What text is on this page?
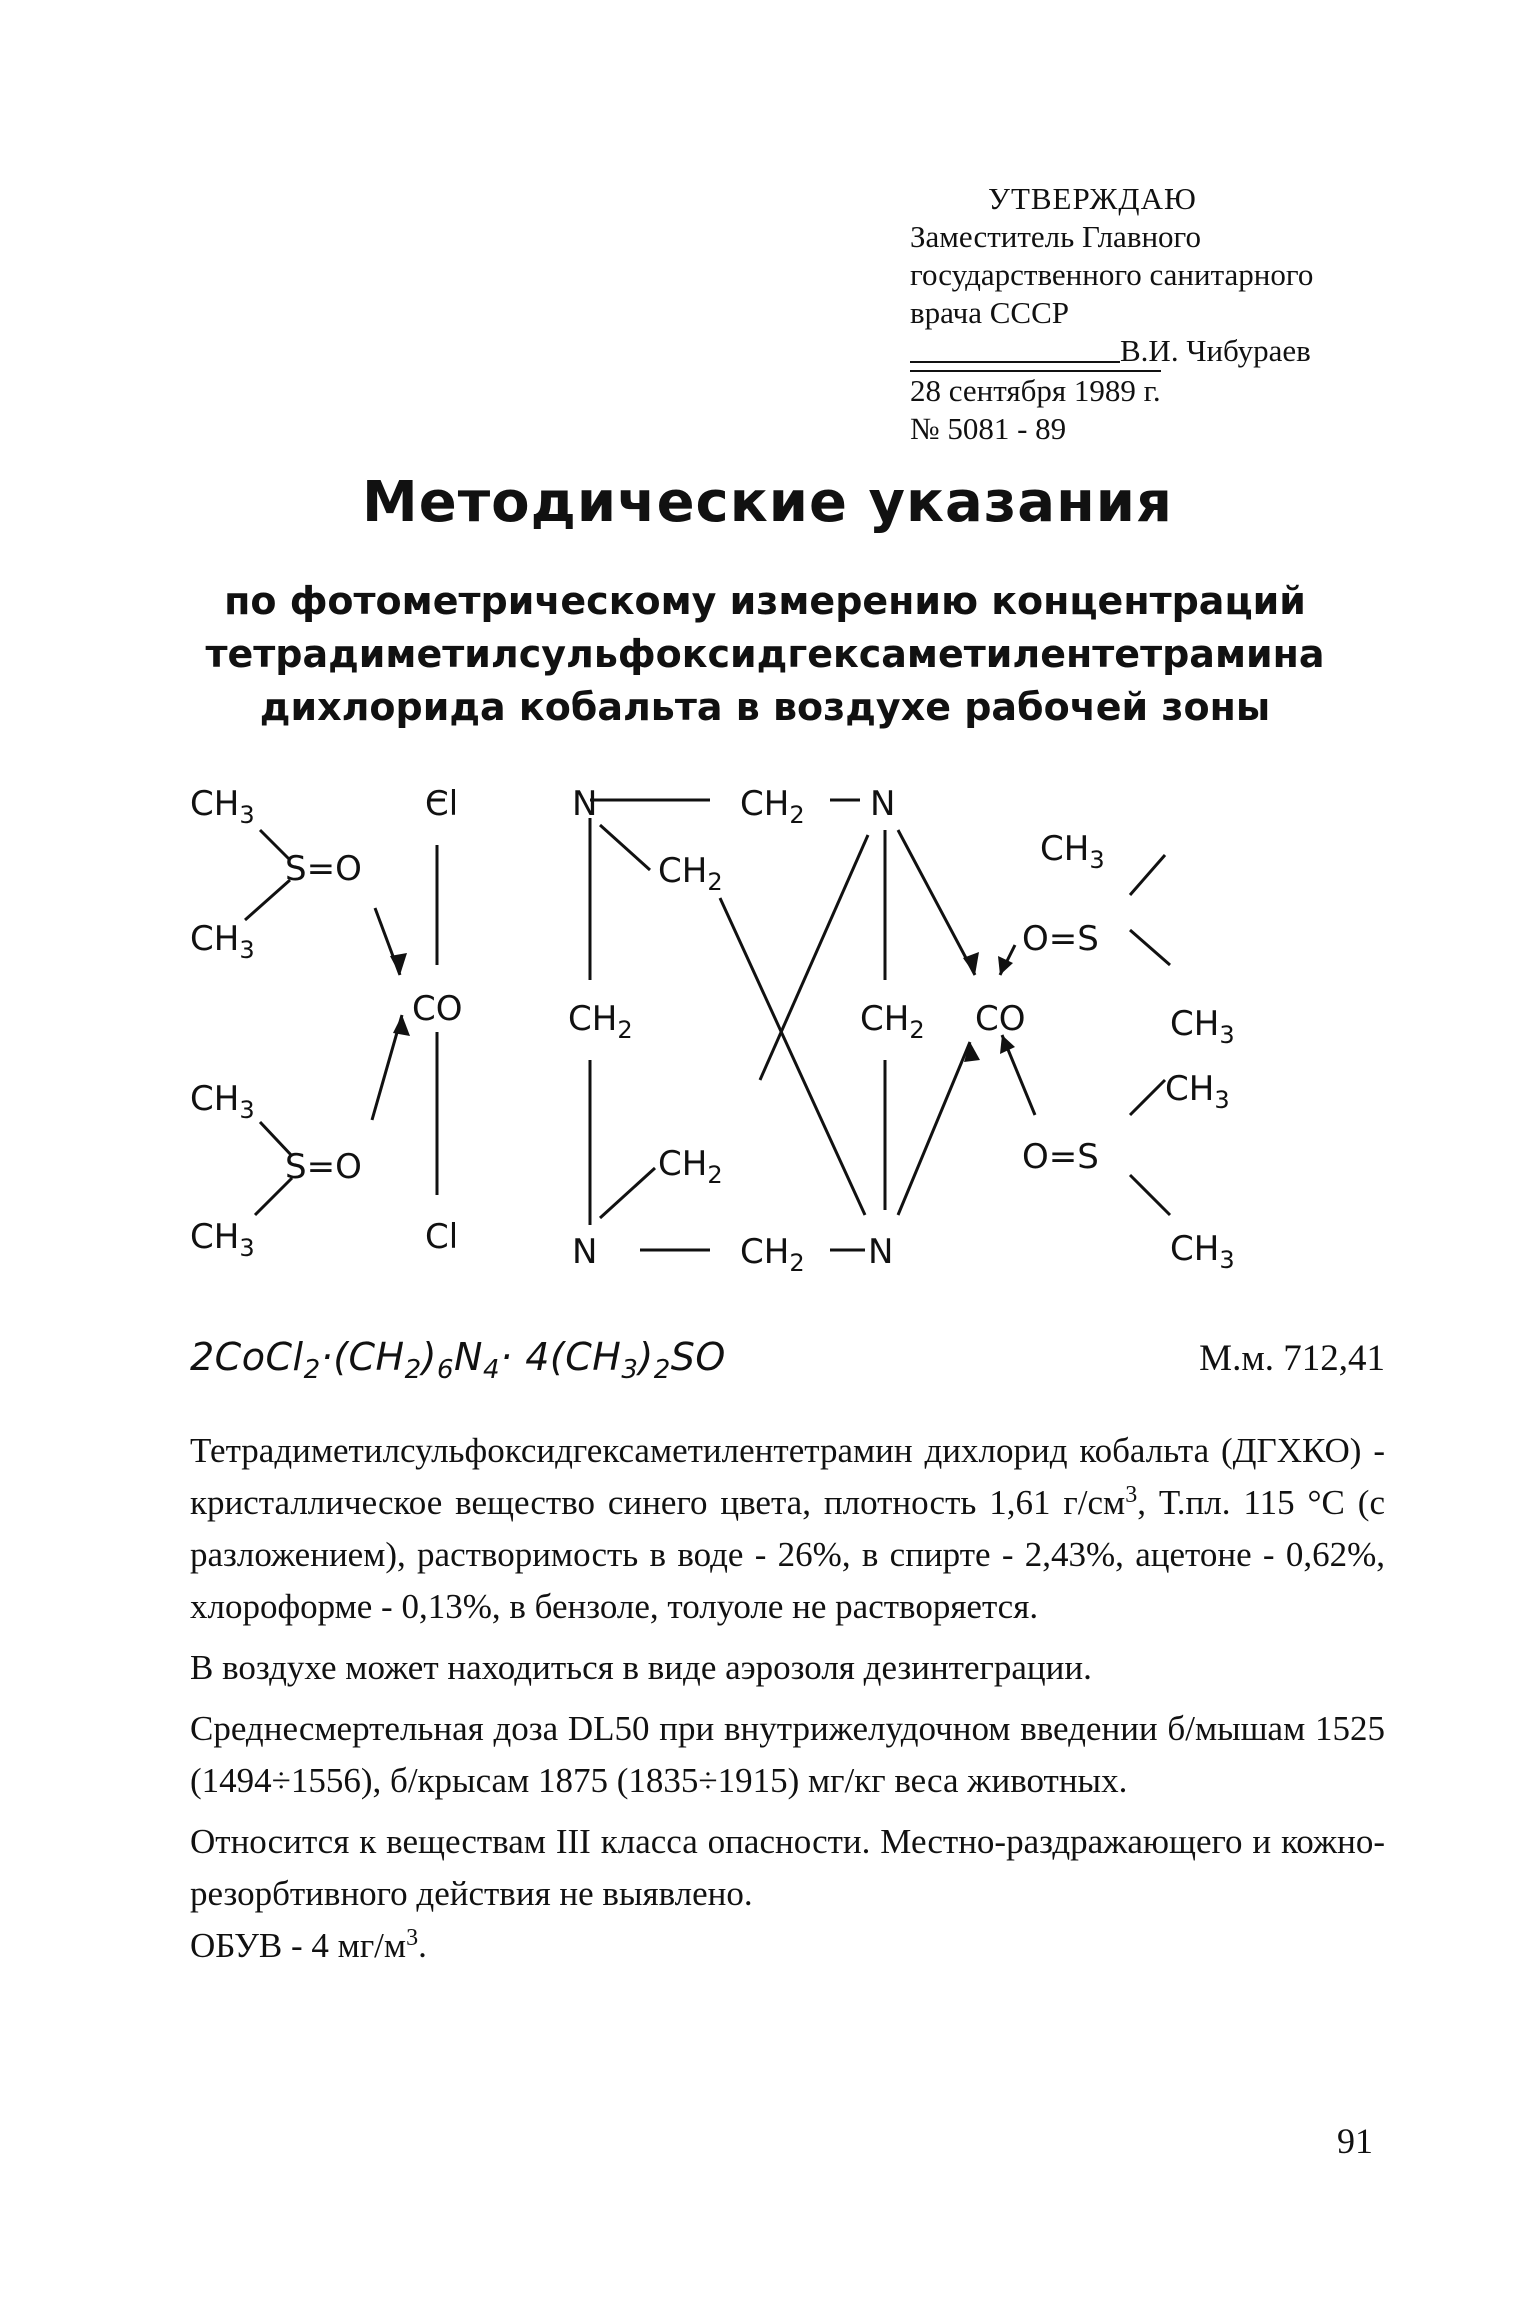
УТВЕРЖДАЮ
Заместитель Главного
государственного санитарного
врача СССР
В.И. Чибураев
28 сентября 1989 г.
№ 5081 - 89
Методические указания
по фотометрическому измерению концентраций
тетрадиметилсульфоксидгексаметилентетрамина
дихлорида кобальта в воздухе рабочей зоны
$CH_3$
S=O
$CH_3$
$CH_3$
S=O
$CH_3$
Cl
CO
Cl
N	$CH_2$ N
$CH_2$
$CH_2$	$CH_2$
$CH_2$
N	$CH_2$ N
CO
$CH_3$
O=S
$CH_3$
$CH_3$
O=S
$CH_3$
$2CoCl_2\cdot(CH_2)_6N_4\cdot 4(CH_3)_2SO$	М.м. 712,41

Тетрадиметилсульфоксидгексаметилентетрамин дихлорид кобальта (ДГХКО) - кристаллическое вещество синего цвета, плотность 1,61 $г/см^3$, Т.пл. 115 °С (с разложением), растворимость в воде - 26%, в спирте - 2,43%, ацетоне - 0,62%, хлороформе - 0,13%, в бензоле, толуоле не растворяется.

В воздухе может находиться в виде аэрозоля дезинтеграции.

Среднесмертельная доза DL50 при внутрижелудочном введении б/мышам 1525 (1494÷1556), б/крысам 1875 (1835÷1915) мг/кг веса животных.

Относится к веществам III класса опасности. Местно-раздражающего и кожно-резорбтивного действия не выявлено.

ОБУВ - 4 $мг/м^3$.

91
